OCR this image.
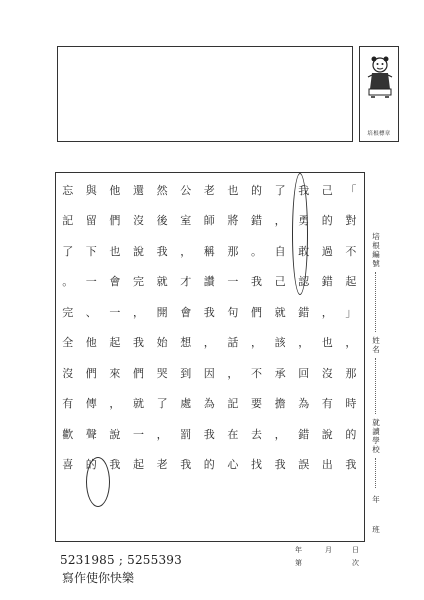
培根標章
「
對
不
起
」
，
那
時
的
我
己
的
過
錯
，
也
沒
有
說
出
我
勇
敢
認
錯
，
回
為
錯
誤
了
，
自
己
就
該
承
擔
，
我
的
錯
。
我
們
，
不
要
去
找
也
將
那
一
句
話
，
記
在
心
老
師
稱
讚
我
，
因
為
我
的
公
室
，
才
會
想
到
處
罰
我
然
後
我
就
開
始
哭
了
，
老
還
沒
說
完
，
我
們
就
一
起
他
們
也
會
一
起
來
，
說
我
與
留
下
一
、
他
們
傳
聲
的
忘
記
了
。
完
全
沒
有
歡
喜
培根編號
姓名
就讀學校
年
班
年	月	日
第	次
5231985 ; 5255393
寫作使你快樂
